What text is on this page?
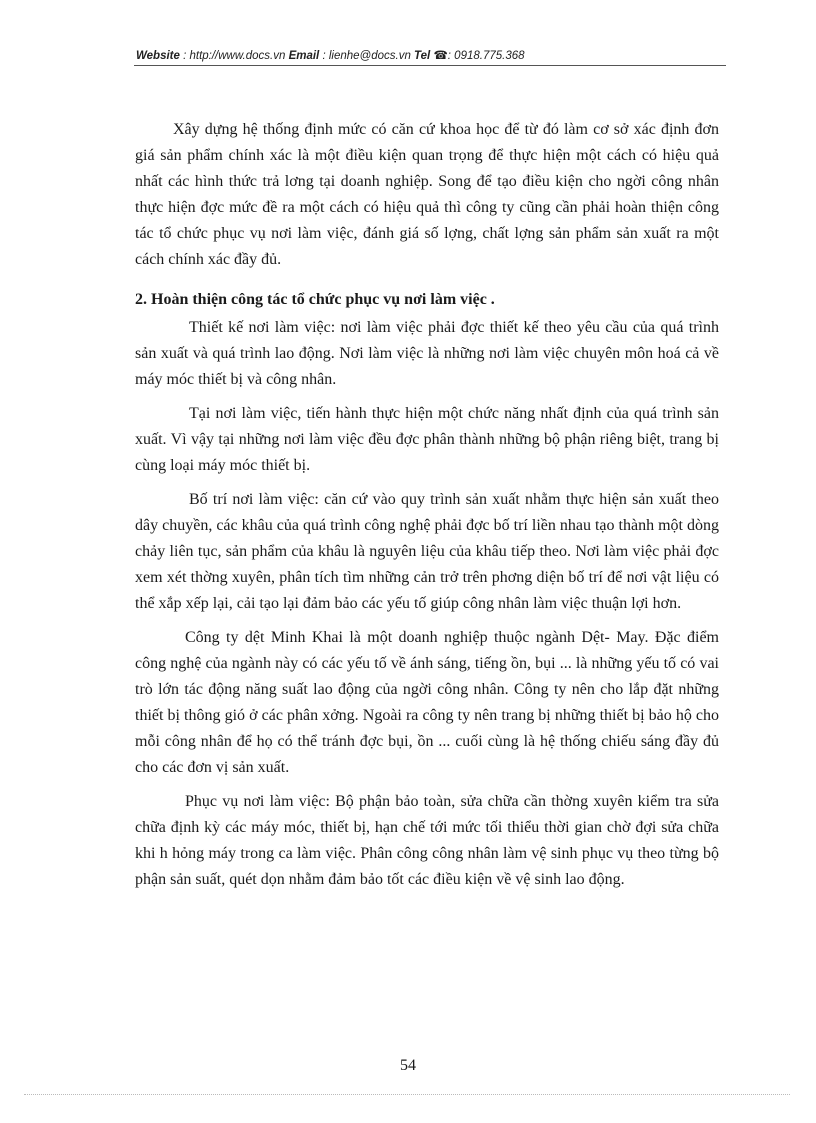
Website : http://www.docs.vn Email : lienhe@docs.vn Tel ☎: 0918.775.368

Xây dựng hệ thống định mức có căn cứ khoa học để từ đó làm cơ sở xác định đơn giá sản phẩm chính xác là một điều kiện quan trọng để thực hiện một cách có hiệu quả nhất các hình thức trả lơng tại doanh nghiệp. Song để tạo điều kiện cho ngời công nhân thực hiện đợc mức đề ra một cách có hiệu quả thì công ty cũng cần phải hoàn thiện công tác tổ chức phục vụ nơi làm việc, đánh giá số lợng, chất lợng sản phẩm sản xuất ra một cách chính xác đầy đủ.

2. Hoàn thiện công tác tổ chức phục vụ nơi làm việc .

Thiết kế nơi làm việc: nơi làm việc phải đợc thiết kế theo yêu cầu của quá trình sản xuất và quá trình lao động. Nơi làm việc là những nơi làm việc chuyên môn hoá cả về máy móc thiết bị và công nhân.

Tại nơi làm việc, tiến hành thực hiện một chức năng nhất định của quá trình sản xuất. Vì vậy tại những nơi làm việc đều đợc phân thành những bộ phận riêng biệt, trang bị cùng loại máy móc thiết bị.

Bố trí nơi làm việc: căn cứ vào quy trình sản xuất nhằm thực hiện sản xuất theo dây chuyền, các khâu của quá trình công nghệ phải đợc bố trí liền nhau tạo thành một dòng chảy liên tục, sản phẩm của khâu là nguyên liệu của khâu tiếp theo. Nơi làm việc phải đợc xem xét thờng xuyên, phân tích tìm những cản trở trên phơng diện bố trí để nơi vật liệu có thể xắp xếp lại, cải tạo lại đảm bảo các yếu tố giúp công nhân làm việc thuận lợi hơn.

Công ty dệt Minh Khai là một doanh nghiệp thuộc ngành Dệt- May. Đặc điểm công nghệ của ngành này có các yếu tố về ánh sáng, tiếng ồn, bụi ... là những yếu tố có vai trò lớn tác động năng suất lao động của ngời công nhân. Công ty nên cho lắp đặt những thiết bị thông gió ở các phân xởng. Ngoài ra công ty nên trang bị những thiết bị bảo hộ cho mỗi công nhân để họ có thể tránh đợc bụi, ồn ... cuối cùng là hệ thống chiếu sáng đầy đủ cho các đơn vị sản xuất.

Phục vụ nơi làm việc: Bộ phận bảo toàn, sửa chữa cần thờng xuyên kiểm tra sửa chữa định kỳ các máy móc, thiết bị, hạn chế tới mức tối thiểu thời gian chờ đợi sửa chữa khi h hỏng máy trong ca làm việc. Phân công công nhân làm vệ sinh phục vụ theo từng bộ phận sản suất, quét dọn nhằm đảm bảo tốt các điều kiện về vệ sinh lao động.

54
